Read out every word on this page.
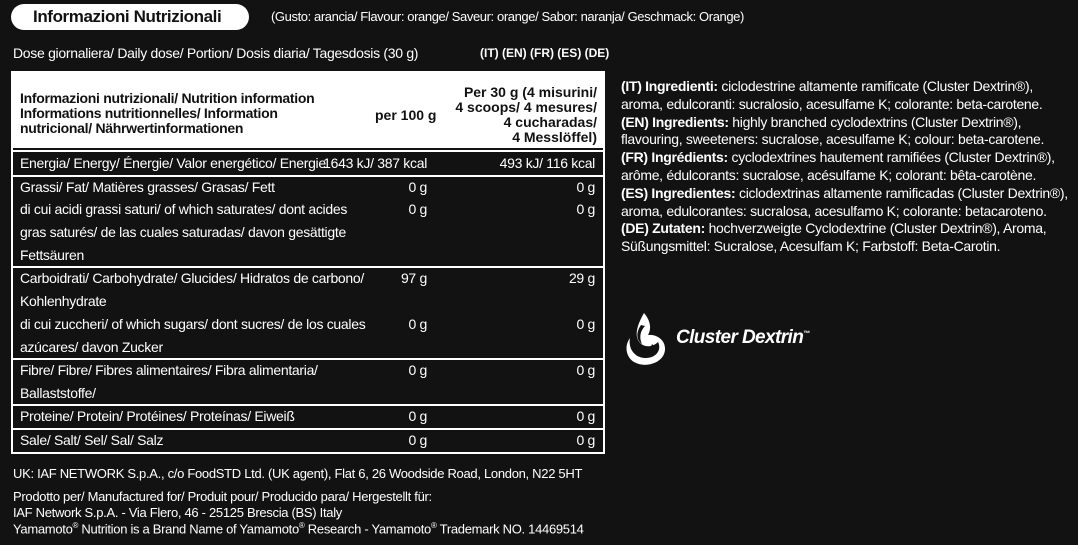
Informazioni Nutrizionali	(Gusto: arancia/ Flavour: orange/ Saveur: orange/ Sabor: naranja/ Geschmack: Orange)
Dose giornaliera/ Daily dose/ Portion/ Dosis diaria/ Tagesdosis (30 g)	(IT) (EN) (FR) (ES) (DE)
Informazioni nutrizionali/ Nutrition information
Informations nutritionnelles/ Information
nutricional/ Nährwertinformationen
per 100 g
Per 30 g (4 misurini/
4 scoops/ 4 mesures/
4 cucharadas/
4 Messlöffel)
Energia/ Energy/ Énergie/ Valor energético/ Energie
1643 kJ/ 387 kcal	493 kJ/ 116 kcal
Grassi/ Fat/ Matières grasses/ Grasas/ Fett	0 g	0 g
di cui acidi grassi saturi/ of which saturates/ dont acides
gras saturés/ de las cuales saturadas/ davon gesättigte
Fettsäuren
0 g	0 g
Carboidrati/ Carbohydrate/ Glucides/ Hidratos de carbono/
Kohlenhydrate
97 g	29 g
di cui zuccheri/ of which sugars/ dont sucres/ de los cuales
azúcares/ davon Zucker
0 g	0 g
Fibre/ Fibre/ Fibres alimentaires/ Fibra alimentaria/
Ballaststoffe/
0 g	0 g
Proteine/ Protein/ Protéines/ Proteínas/ Eiweiß	0 g	0 g
Sale/ Salt/ Sel/ Sal/ Salz	0 g	0 g
UK: IAF NETWORK S.p.A., c/o FoodSTD Ltd. (UK agent), Flat 6, 26 Woodside Road, London, N22 5HT
Prodotto per/ Manufactured for/ Produit pour/ Producido para/ Hergestellt für:
IAF Network S.p.A. - Via Flero, 46 - 25125 Brescia (BS) Italy
Yamamoto® Nutrition is a Brand Name of Yamamoto® Research - Yamamoto® Trademark NO. 14469514

(IT) Ingredienti: ciclodestrine altamente ramificate (Cluster Dextrin®), aroma, edulcoranti: sucralosio, acesulfame K; colorante: beta-carotene.

(EN) Ingredients: highly branched cyclodextrins (Cluster Dextrin®), flavouring, sweeteners: sucralose, acesulfame K; colour: beta-carotene.

(FR) Ingrédients: cyclodextrines hautement ramifiées (Cluster Dextrin®), arôme, édulcorants: sucralose, acésulfame K; colorant: bêta-carotène.

(ES) Ingredientes: ciclodextrinas altamente ramificadas (Cluster Dextrin®), aroma, edulcorantes: sucralosa, acesulfamo K; colorante: betacaroteno.

(DE) Zutaten: hochverzweigte Cyclodextrine (Cluster Dextrin®), Aroma, Süßungsmittel: Sucralose, Acesulfam K; Farbstoff: Beta-Carotin.

Cluster Dextrin™
